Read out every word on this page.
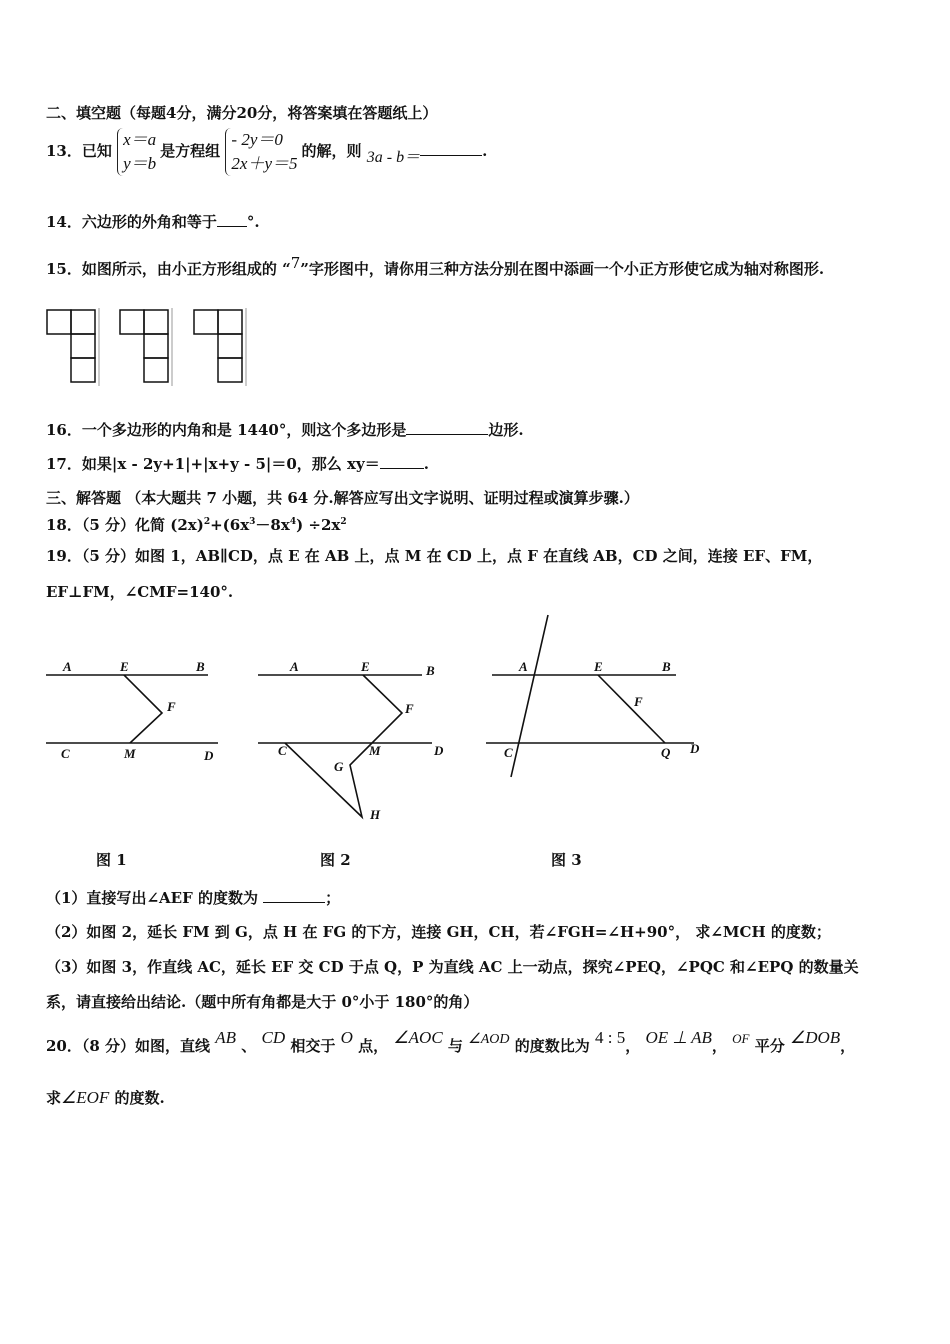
二、填空题（每题4分，满分20分，将答案填在答题纸上）
13．已知 x＝a
y＝b是方程组 - 2y＝0
2x＋y＝5的解，则 3a - b＝	.
14．六边形的外角和等于 °.
15．如图所示，由小正方形组成的 “7”字形图中，请你用三种方法分别在图中添画一个小正方形使它成为轴对称图形.
16．一个多边形的内角和是 1440°，则这个多边形是	边形.
17．如果|x - 2y+1|+|x+y - 5|＝0，那么 xy＝	.
三、解答题 （本大题共 7 小题，共 64 分.解答应写出文字说明、证明过程或演算步骤.）
18．（5 分）化简 $(2x)^2+(6x^3-8x^4) \div 2x^2$
19．（5 分）如图 1，AB∥CD，点 E 在 AB 上，点 M 在 CD 上，点 F 在直线 AB，CD 之间，连接 EF、FM，
EF⊥FM，∠CMF=140°.
A	E	B
F
C	M	D
A	E	B
F
C	M	D
G
H
A	E	B
F
C	Q D
图 1	图 2	图 3
（1）直接写出∠AEF 的度数为	；
（2）如图 2，延长 FM 到 G，点 H 在 FG 的下方，连接 GH，CH，若∠FGH=∠H+90°， 求∠MCH 的度数；
（3）如图 3，作直线 AC，延长 EF 交 CD 于点 Q，P 为直线 AC 上一动点，探究∠PEQ，∠PQC 和∠EPQ 的数量关
系，请直接给出结论.（题中所有角都是大于 0°小于 180°的角）
20．（8 分）如图，直线 AB 、 CD 相交于 O 点， ∠AOC 与 ∠AOD 的度数比为 4 : 5， OE ⊥ AB， OF 平分 ∠DOB，
求∠EOF 的度数.
